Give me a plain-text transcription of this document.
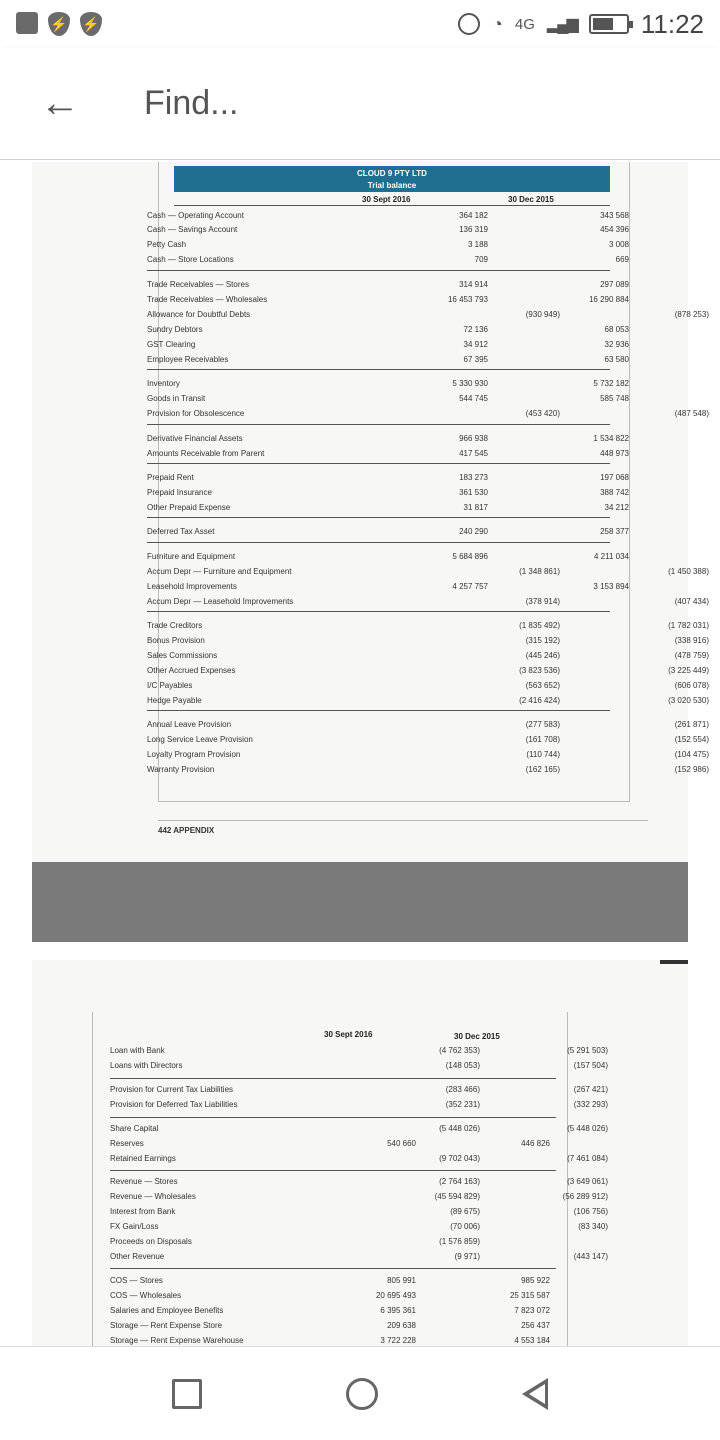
⚡ ⚡	◔ 4G ▂▄▆ 11:22
← Find...
CLOUD 9 PTY LTD
Trial balance
30 Sept 2016	30 Dec 2015
Cash — Operating Account	364 182	343 568
Cash — Savings Account	136 319	454 396
Petty Cash	3 188	3 008
Cash — Store Locations	709	669
Trade Receivables — Stores	314 914	297 089
Trade Receivables — Wholesales	16 453 793	16 290 884
Allowance for Doubtful Debts	(930 949)	(878 253)
Sundry Debtors	72 136	68 053
GST Clearing	34 912	32 936
Employee Receivables	67 395	63 580
Inventory	5 330 930	5 732 182
Goods in Transit	544 745	585 748
Provision for Obsolescence	(453 420)	(487 548)
Derivative Financial Assets	966 938	1 534 822
Amounts Receivable from Parent	417 545	448 973
Prepaid Rent	183 273	197 068
Prepaid Insurance	361 530	388 742
Other Prepaid Expense	31 817	34 212
Deferred Tax Asset	240 290	258 377
Furniture and Equipment	5 684 896	4 211 034
Accum Depr — Furniture and Equipment	(1 348 861)	(1 450 388)
Leasehold Improvements	4 257 757	3 153 894
Accum Depr — Leasehold Improvements	(378 914)	(407 434)
Trade Creditors	(1 835 492)	(1 782 031)
Bonus Provision	(315 192)	(338 916)
Sales Commissions	(445 246)	(478 759)
Other Accrued Expenses	(3 823 536)	(3 225 449)
I/C Payables	(563 652)	(606 078)
Hedge Payable	(2 416 424)	(3 020 530)
Annual Leave Provision	(277 583)	(261 871)
Long Service Leave Provision	(161 708)	(152 554)
Loyalty Program Provision	(110 744)	(104 475)
Warranty Provision	(162 165)	(152 986)
442 APPENDIX
30 Sept 2016	30 Dec 2015
Loan with Bank	(4 762 353)	(5 291 503)
Loans with Directors	(148 053)	(157 504)
Provision for Current Tax Liabilities	(283 466)	(267 421)
Provision for Deferred Tax Liabilities	(352 231)	(332 293)
Share Capital	(5 448 026)	(5 448 026)
Reserves	540 660	446 826
Retained Earnings	(9 702 043)	(7 461 084)
Revenue — Stores	(2 764 163)	(3 649 061)
Revenue — Wholesales	(45 594 829)	(56 289 912)
Interest from Bank	(89 675)	(106 756)
FX Gain/Loss	(70 006)	(83 340)
Proceeds on Disposals	(1 576 859)
Other Revenue	(9 971)	(443 147)
COS — Stores	805 991	985 922
COS — Wholesales	20 695 493	25 315 587
Salaries and Employee Benefits	6 395 361	7 823 072
Storage — Rent Expense Store	209 638	256 437
Storage — Rent Expense Warehouse	3 722 228	4 553 184
